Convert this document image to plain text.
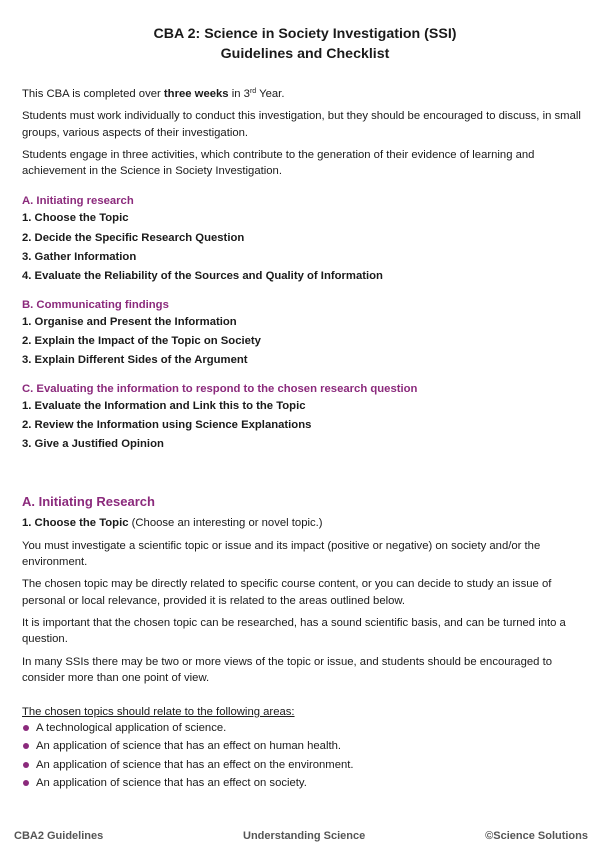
CBA 2: Science in Society Investigation (SSI)
Guidelines and Checklist

This CBA is completed over three weeks in 3rd Year.

Students must work individually to conduct this investigation, but they should be encouraged to discuss, in small groups, various aspects of their investigation.

Students engage in three activities, which contribute to the generation of their evidence of learning and achievement in the Science in Society Investigation.

A. Initiating research
1. Choose the Topic
2. Decide the Specific Research Question
3. Gather Information
4. Evaluate the Reliability of the Sources and Quality of Information
B. Communicating findings
1. Organise and Present the Information
2. Explain the Impact of the Topic on Society
3. Explain Different Sides of the Argument
C. Evaluating the information to respond to the chosen research question
1. Evaluate the Information and Link this to the Topic
2. Review the Information using Science Explanations
3. Give a Justified Opinion
A. Initiating Research

1. Choose the Topic (Choose an interesting or novel topic.)

You must investigate a scientific topic or issue and its impact (positive or negative) on society and/or the environment.

The chosen topic may be directly related to specific course content, or you can decide to study an issue of personal or local relevance, provided it is related to the areas outlined below.

It is important that the chosen topic can be researched, has a sound scientific basis, and can be turned into a question.

In many SSIs there may be two or more views of the topic or issue, and students should be encouraged to consider more than one point of view.

The chosen topics should relate to the following areas:

A technological application of science.
An application of science that has an effect on human health.
An application of science that has an effect on the environment.
An application of science that has an effect on society.
CBA2 Guidelines	Understanding Science	©Science Solutions
